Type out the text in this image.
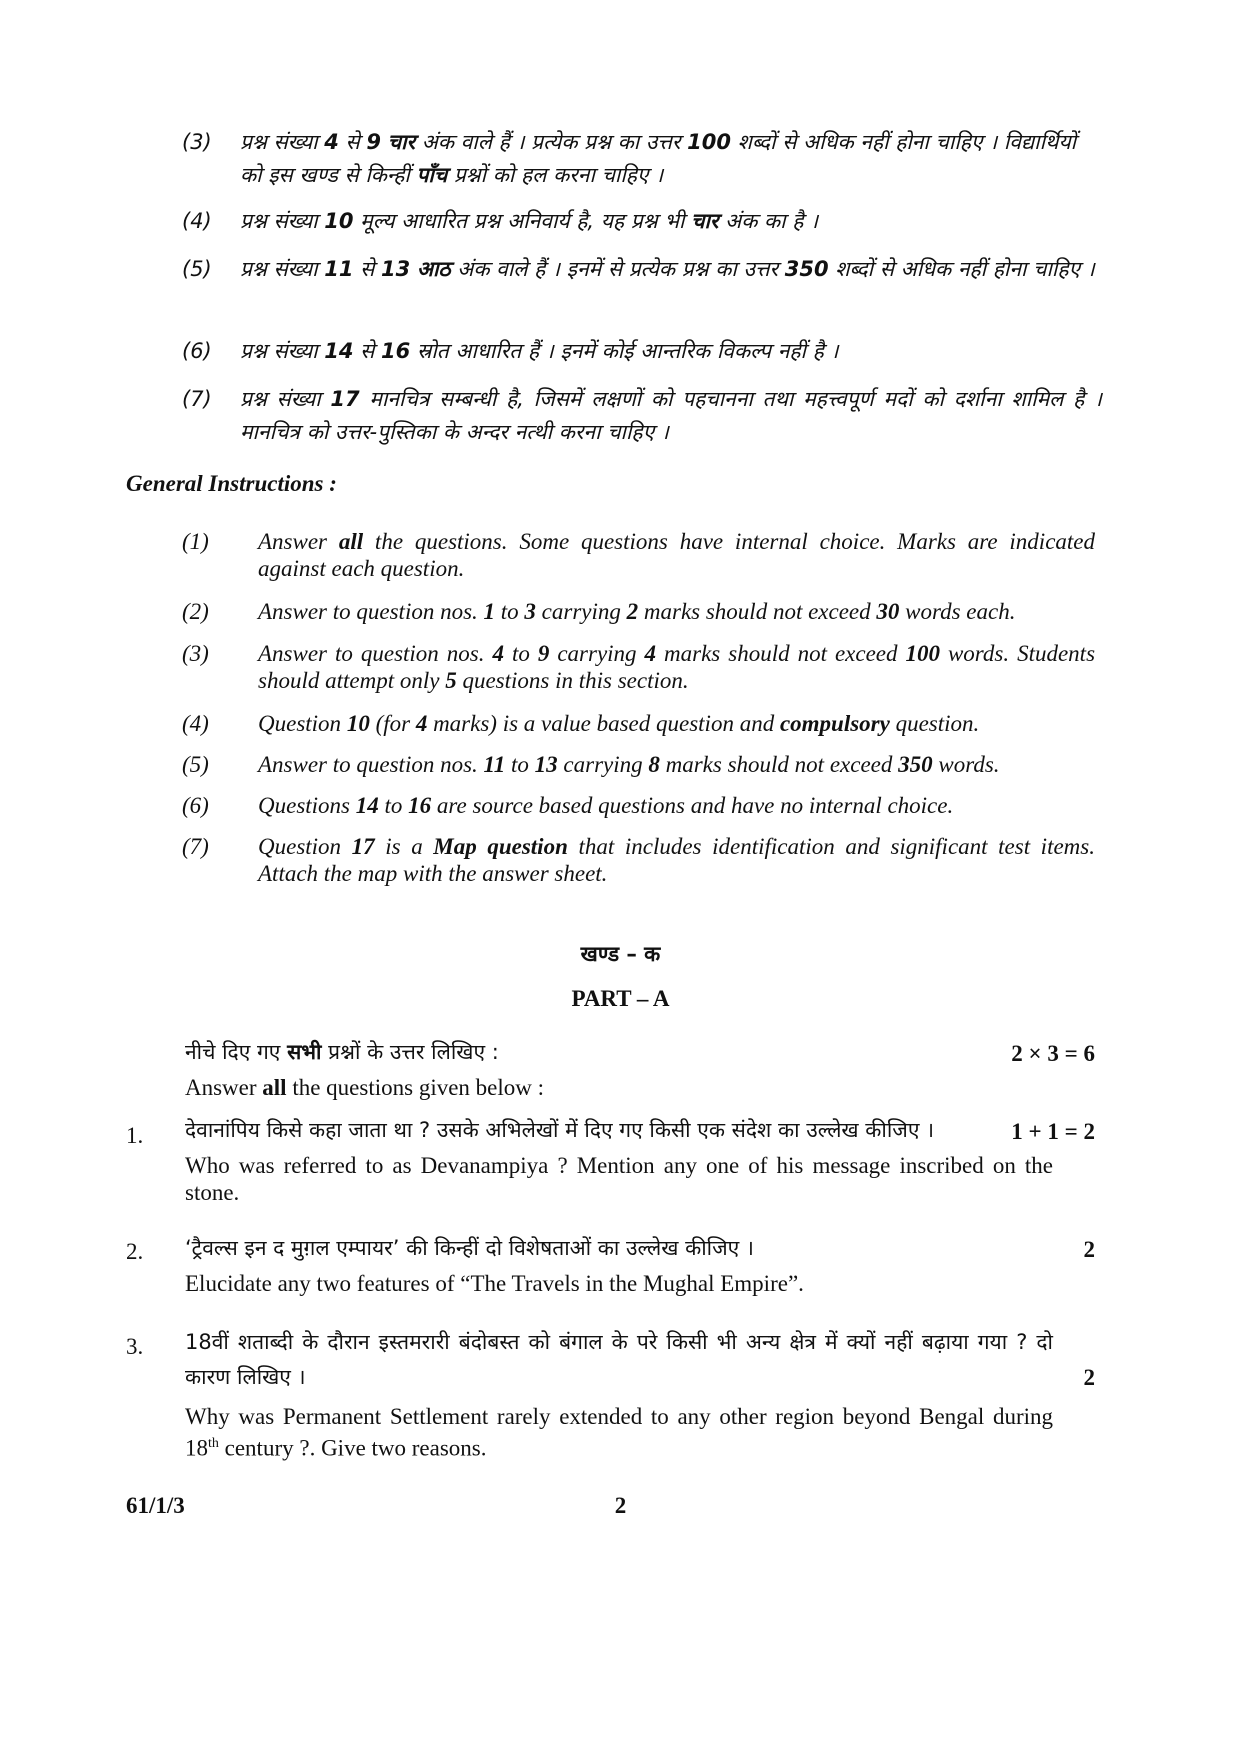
(3)	प्रश्न संख्या 4 से 9 चार अंक वाले हैं । प्रत्येक प्रश्न का उत्तर 100 शब्दों से अधिक नहीं होना चाहिए । विद्यार्थियों को इस खण्ड से किन्हीं पाँच प्रश्नों को हल करना चाहिए ।
(4)	प्रश्न संख्या 10 मूल्य आधारित प्रश्न अनिवार्य है, यह प्रश्न भी चार अंक का है ।
(5)	प्रश्न संख्या 11 से 13 आठ अंक वाले हैं । इनमें से प्रत्येक प्रश्न का उत्तर 350 शब्दों से अधिक नहीं होना चाहिए ।
(6)	प्रश्न संख्या 14 से 16 स्रोत आधारित हैं । इनमें कोई आन्तरिक विकल्प नहीं है ।
(7)	प्रश्न संख्या 17 मानचित्र सम्बन्धी है, जिसमें लक्षणों को पहचानना तथा महत्त्वपूर्ण मदों को दर्शाना शामिल है । मानचित्र को उत्तर-पुस्तिका के अन्दर नत्थी करना चाहिए ।
General Instructions :
(1)	Answer all the questions. Some questions have internal choice. Marks are indicated against each question.
(2)	Answer to question nos. 1 to 3 carrying 2 marks should not exceed 30 words each.
(3)	Answer to question nos. 4 to 9 carrying 4 marks should not exceed 100 words. Students should attempt only 5 questions in this section.
(4)	Question 10 (for 4 marks) is a value based question and compulsory question.
(5)	Answer to question nos. 11 to 13 carrying 8 marks should not exceed 350 words.
(6)	Questions 14 to 16 are source based questions and have no internal choice.
(7)	Question 17 is a Map question that includes identification and significant test items. Attach the map with the answer sheet.
खण्ड – क
PART – A
नीचे दिए गए सभी प्रश्नों के उत्तर लिखिए :	2 × 3 = 6
Answer all the questions given below :
1. देवानांपिय किसे कहा जाता था ? उसके अभिलेखों में दिए गए किसी एक संदेश का उल्लेख कीजिए ।	1 + 1 = 2
Who was referred to as Devanampiya ? Mention any one of his message inscribed on the stone.
2. ‘ट्रैवल्स इन द मुग़ल एम्पायर’ की किन्हीं दो विशेषताओं का उल्लेख कीजिए ।	2
Elucidate any two features of “The Travels in the Mughal Empire”.
3. 18वीं शताब्दी के दौरान इस्तमरारी बंदोबस्त को बंगाल के परे किसी भी अन्य क्षेत्र में क्यों नहीं बढ़ाया गया ? दो कारण लिखिए ।	2
Why was Permanent Settlement rarely extended to any other region beyond Bengal during 18th century ?. Give two reasons.
61/1/3	2
